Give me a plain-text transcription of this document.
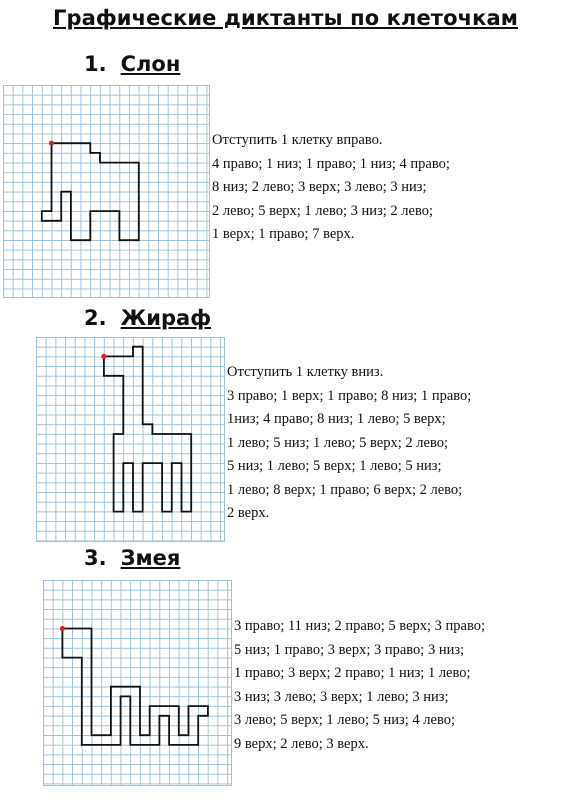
Графические диктанты по клеточкам
1. Слон
Отступить 1 клетку вправо.
4 право; 1 низ; 1 право; 1 низ; 4 право;
8 низ; 2 лево; 3 верх; 3 лево; 3 низ;
2 лево; 5 верх; 1 лево; 3 низ; 2 лево;
1 верх; 1 право; 7 верх.
2. Жираф
Отступить 1 клетку вниз.
3 право; 1 верх; 1 право; 8 низ; 1 право;
1низ; 4 право; 8 низ; 1 лево; 5 верх;
1 лево; 5 низ; 1 лево; 5 верх; 2 лево;
5 низ; 1 лево; 5 верх; 1 лево; 5 низ;
1 лево; 8 верх; 1 право; 6 верх; 2 лево;
2 верх.
3. Змея
3 право; 11 низ; 2 право; 5 верх; 3 право;
5 низ; 1 право; 3 верх; 3 право; 3 низ;
1 право; 3 верх; 2 право; 1 низ; 1 лево;
3 низ; 3 лево; 3 верх; 1 лево; 3 низ;
3 лево; 5 верх; 1 лево; 5 низ; 4 лево;
9 верх; 2 лево; 3 верх.
